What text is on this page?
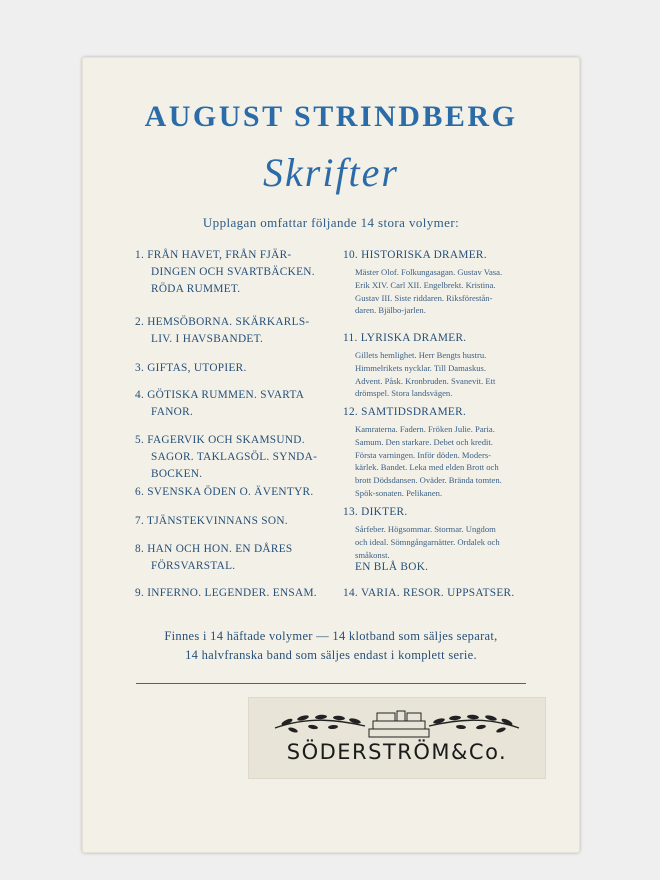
AUGUST STRINDBERG
Skrifter
Upplagan omfattar följande 14 stora volymer:
1. FRÅN HAVET, FRÅN FJÄR-
DINGEN OCH SVARTBÄCKEN.
RÖDA RUMMET.
2. HEMSÖBORNA. SKÄRKARLS-
LIV. I HAVSBANDET.
3. GIFTAS, UTOPIER.
4. GÖTISKA RUMMEN. SVARTA
FANOR.
5. FAGERVIK OCH SKAMSUND.
SAGOR. TAKLAGSÖL. SYNDA-
BOCKEN.
6. SVENSKA ÖDEN O. ÄVENTYR.
7. TJÄNSTEKVINNANS SON.
8. HAN OCH HON. EN DÅRES
FÖRSVARSTAL.
9. INFERNO. LEGENDER. ENSAM.
10. HISTORISKA DRAMER.
Mäster Olof. Folkungasagan. Gustav Vasa.
Erik XIV. Carl XII. Engelbrekt. Kristina.
Gustav III. Siste riddaren. Riksförestån-
daren. Bjälbo-jarlen.
11. LYRISKA DRAMER.
Gillets hemlighet. Herr Bengts hustru.
Himmelrikets nycklar. Till Damaskus.
Advent. Påsk. Kronbruden. Svanevit. Ett
drömspel. Stora landsvägen.
12. SAMTIDSDRAMER.
Kamraterna. Fadern. Fröken Julie. Paria.
Samum. Den starkare. Debet och kredit.
Första varningen. Inför döden. Moders-
kärlek. Bandet. Leka med elden Brott och
brott Dödsdansen. Oväder. Brända tomten.
Spök-sonaten. Pelikanen.
13. DIKTER.
Sårfeber. Högsommar. Stormar. Ungdom
och ideal. Sömngångarnätter. Ordalek och
småkonst.
EN BLÅ BOK.
14. VARIA. RESOR. UPPSATSER.
Finnes i 14 häftade volymer — 14 klotband som säljes separat,
14 halvfranska band som säljes endast i komplett serie.
SÖDERSTRÖM&Co.
